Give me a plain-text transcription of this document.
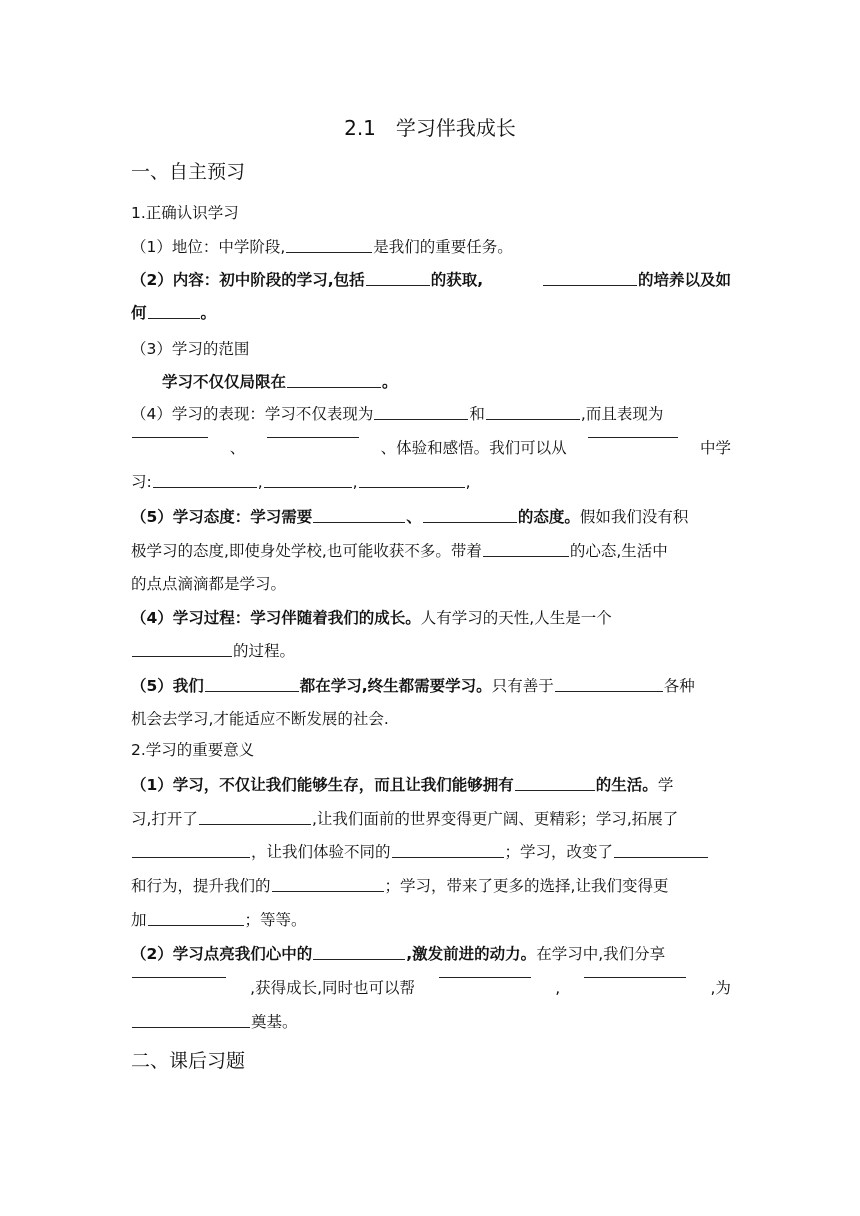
2.1　学习伴我成长
一、自主预习
1.正确认识学习
（1）地位：中学阶段,	是我们的重要任务。
（2）内容：初中阶段的学习,包括	的获取,	的培养以及如
何	。
（3）学习的范围
学习不仅仅局限在	。
（4）学习的表现：学习不仅表现为	和	,而且表现为
、	、体验和感悟。我们可以从	中学
习:	,	,	,
（5）学习态度：学习需要	、	的态度。假如我们没有积
极学习的态度,即使身处学校,也可能收获不多。带着	的心态,生活中
的点点滴滴都是学习。
（4）学习过程：学习伴随着我们的成长。人有学习的天性,人生是一个
的过程。
（5）我们	都在学习,终生都需要学习。只有善于	各种
机会去学习,才能适应不断发展的社会.
2.学习的重要意义
（1）学习，不仅让我们能够生存，而且让我们能够拥有	的生活。学
习,打开了	,让我们面前的世界变得更广阔、更精彩；学习,拓展了
，让我们体验不同的	；学习，改变了
和行为，提升我们的	；学习，带来了更多的选择,让我们变得更
加	；等等。
（2）学习点亮我们心中的	,激发前进的动力。在学习中,我们分享
,获得成长,同时也可以帮	,	,为
奠基。
二、课后习题
